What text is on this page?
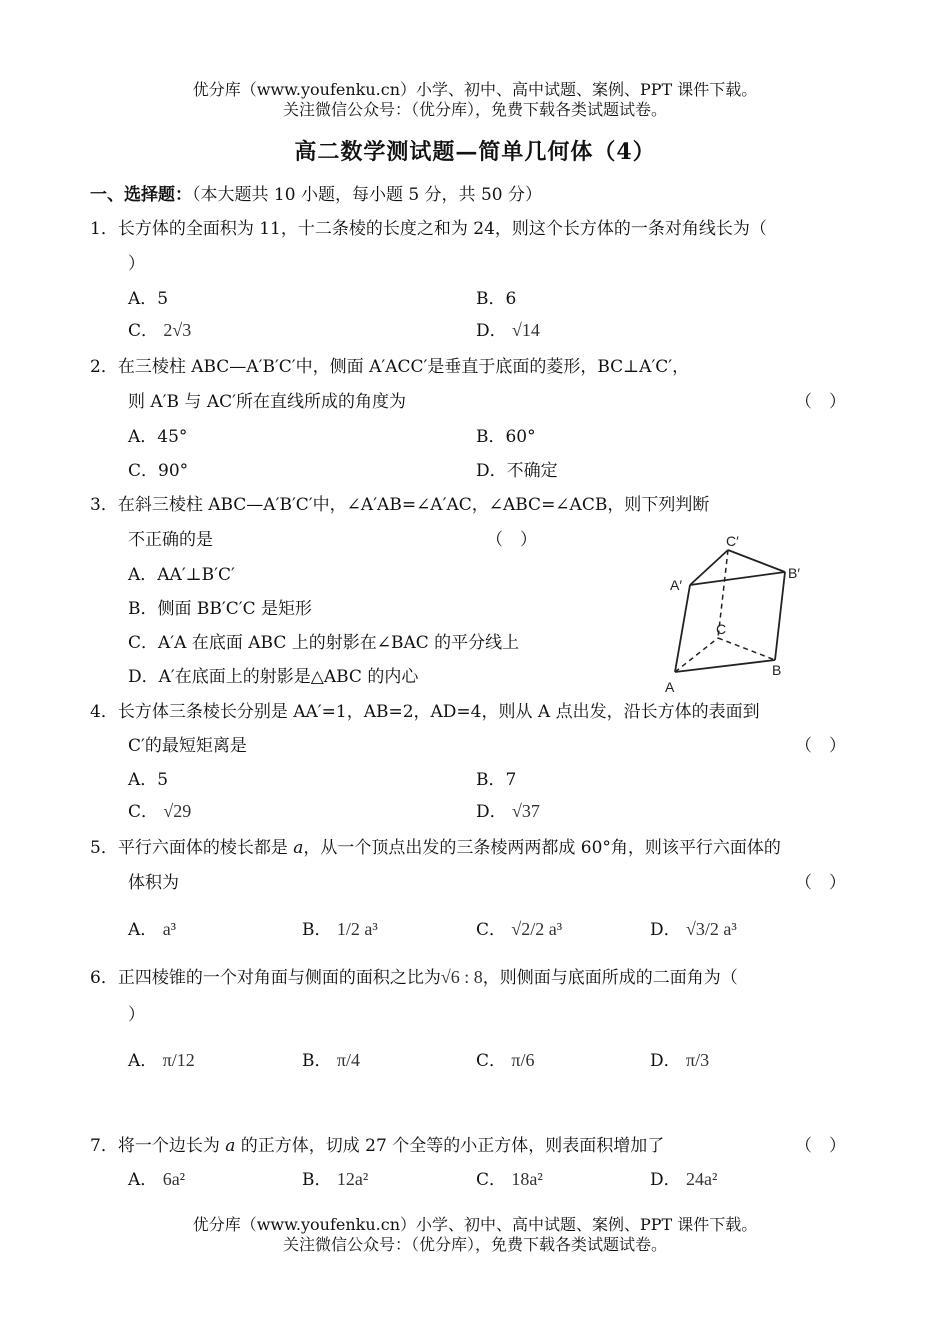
优分库（www.youfenku.cn）小学、初中、高中试题、案例、PPT 课件下载。
关注微信公众号：（优分库），免费下载各类试题试卷。
高二数学测试题—简单几何体（4）
一、选择题：（本大题共 10 小题，每小题 5 分，共 50 分）
1．长方体的全面积为 11，十二条棱的长度之和为 24，则这个长方体的一条对角线长为（
）
A．5	B．6
C． 2√3	D． √14
2．在三棱柱 ABC—A′B′C′中，侧面 A′ACC′是垂直于底面的菱形，BC⊥A′C′，
则 A′B 与 AC′所在直线所成的角度为	（　）
A．45°	B．60°
C．90°	D．不确定
3．在斜三棱柱 ABC—A′B′C′中，∠A′AB=∠A′AC，∠ABC=∠ACB，则下列判断
不正确的是	（　）
A．AA′⊥B′C′
B．侧面 BB′C′C 是矩形
C．A′A 在底面 ABC 上的射影在∠BAC 的平分线上
D．A′在底面上的射影是△ABC 的内心
C′
A′
B′
C
A
B
4．长方体三条棱长分别是 AA′=1，AB=2，AD=4，则从 A 点出发，沿长方体的表面到
C′的最短矩离是	（　）
A．5	B．7
C． √29	D． √37
5．平行六面体的棱长都是 a，从一个顶点出发的三条棱两两都成 60°角，则该平行六面体的
体积为	（　）
A． a³	B． 1/2 a³	C． √2/2 a³	D． √3/2 a³
6．正四棱锥的一个对角面与侧面的面积之比为√6 : 8，则侧面与底面所成的二面角为（
）
A． π/12	B． π/4	C． π/6	D． π/3
7．将一个边长为 a 的正方体，切成 27 个全等的小正方体，则表面积增加了	（　）
A． 6a²	B． 12a²	C． 18a²	D． 24a²
优分库（www.youfenku.cn）小学、初中、高中试题、案例、PPT 课件下载。
关注微信公众号：（优分库），免费下载各类试题试卷。
